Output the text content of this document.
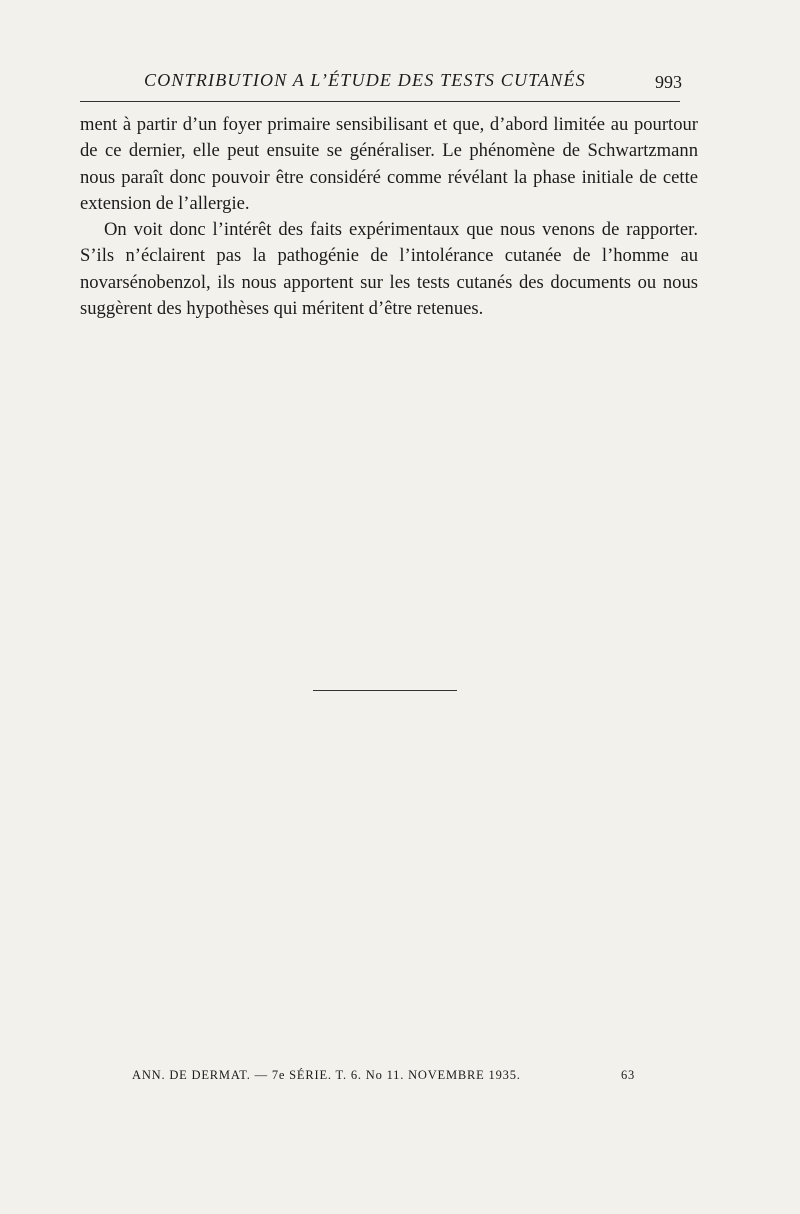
CONTRIBUTION A L’ÉTUDE DES TESTS CUTANÉS	993

ment à partir d’un foyer primaire sensibilisant et que, d’abord limitée au pourtour de ce dernier, elle peut ensuite se généraliser. Le phénomène de Schwartzmann nous paraît donc pouvoir être considéré comme révélant la phase initiale de cette extension de l’allergie.

On voit donc l’intérêt des faits expérimentaux que nous venons de rapporter. S’ils n’éclairent pas la pathogénie de l’intolérance cutanée de l’homme au novarsénobenzol, ils nous apportent sur les tests cutanés des documents ou nous suggèrent des hypothèses qui méritent d’être retenues.

ANN. DE DERMAT. — 7e SÉRIE. T. 6. No 11. NOVEMBRE 1935.	63
